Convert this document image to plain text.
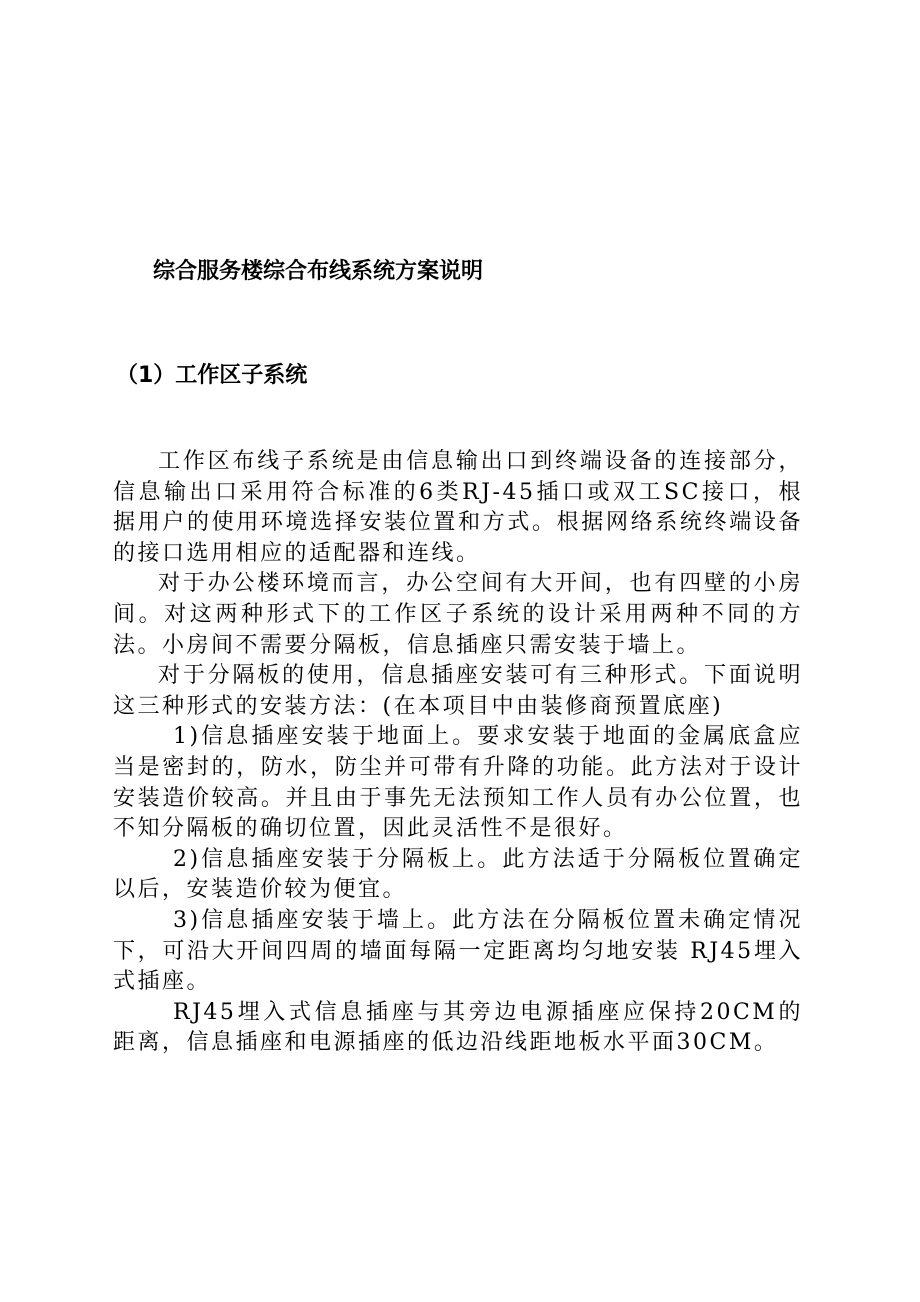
综合服务楼综合布线系统方案说明
（1）工作区子系统

工作区布线子系统是由信息输出口到终端设备的连接部分，信息输出口采用符合标准的6类RJ-45插口或双工SC接口，根据用户的使用环境选择安装位置和方式。根据网络系统终端设备的接口选用相应的适配器和连线。

对于办公楼环境而言，办公空间有大开间，也有四壁的小房间。对这两种形式下的工作区子系统的设计采用两种不同的方法。小房间不需要分隔板，信息插座只需安装于墙上。

对于分隔板的使用，信息插座安装可有三种形式。下面说明这三种形式的安装方法：(在本项目中由装修商预置底座)

1)信息插座安装于地面上。要求安装于地面的金属底盒应当是密封的，防水，防尘并可带有升降的功能。此方法对于设计安装造价较高。并且由于事先无法预知工作人员有办公位置，也不知分隔板的确切位置，因此灵活性不是很好。

2)信息插座安装于分隔板上。此方法适于分隔板位置确定以后，安装造价较为便宜。

3)信息插座安装于墙上。此方法在分隔板位置未确定情况下，可沿大开间四周的墙面每隔一定距离均匀地安装 RJ45埋入式插座。

RJ45埋入式信息插座与其旁边电源插座应保持20CM的距离，信息插座和电源插座的低边沿线距地板水平面30CM。
